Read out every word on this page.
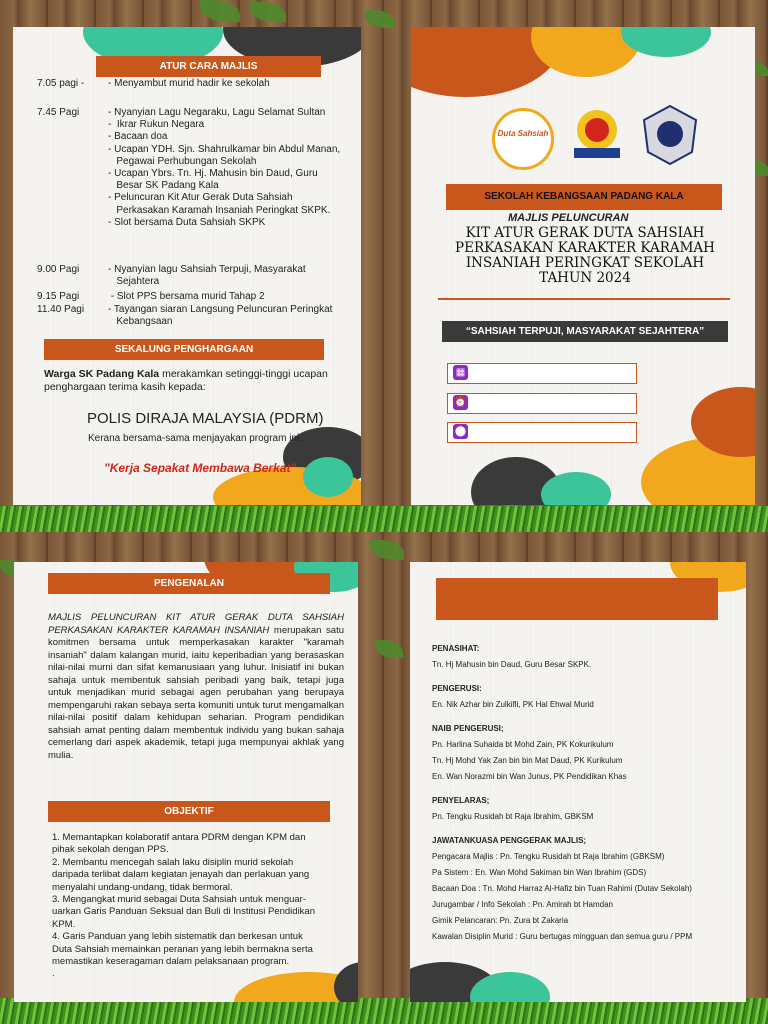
ATUR CARA MAJLIS
7.05 pagi - - Menyambut murid hadir ke sekolah
7.45 Pagi	- Nyanyian Lagu Negaraku, Lagu Selamat Sultan
-  Ikrar Rukun Negara
- Bacaan doa
- Ucapan YDH. Sjn. Shahrulkamar bin Abdul Manan,
Pegawai Perhubungan Sekolah
- Ucapan Ybrs. Tn. Hj. Mahusin bin Daud, Guru
Besar SK Padang Kala
- Peluncuran Kit Atur Gerak Duta Sahsiah
Perkasakan Karamah Insaniah Peringkat SKPK.
- Slot bersama Duta Sahsiah SKPK
9.00 Pagi	- Nyanyian lagu Sahsiah Terpuji, Masyarakat
Sejahtera
9.15 Pagi	- Slot PPS bersama murid Tahap 2
11.40 Pagi - Tayangan siaran Langsung Peluncuran Peringkat
Kebangsaan
SEKALUNG PENGHARGAAN
Warga SK Padang Kala merakamkan setinggi-tinggi ucapan
penghargaan terima kasih kepada:
POLIS DIRAJA MALAYSIA (PDRM)
Kerana bersama-sama menjayakan program ini.
"Kerja Sepakat Membawa Berkat"
Duta Sahsiah
SEKOLAH KEBANGSAAN PADANG KALA
MAJLIS PELUNCURAN
KIT ATUR GERAK DUTA SAHSIAH
PERKASAKAN KARAKTER KARAMAH
INSANIAH PERINGKAT SEKOLAH
TAHUN 2024
“SAHSIAH TERPUJI, MASYARAKAT SEJAHTERA”
▦
⏰
⬤
PENGENALAN
MAJLIS PELUNCURAN KIT ATUR GERAK DUTA SAHSIAH PERKASAKAN KARAKTER KARAMAH INSANIAH merupakan satu komitmen bersama untuk memperkasakan karakter "karamah insaniah" dalam kalangan murid, iaitu keperibadian yang berasaskan nilai-nilai murni dan sifat kemanusiaan yang luhur. Inisiatif ini bukan sahaja untuk membentuk sahsiah peribadi yang baik, tetapi juga untuk menjadikan murid sebagai agen perubahan yang berupaya mempengaruhi rakan sebaya serta komuniti untuk turut mengamalkan nilai-nilai positif dalam kehidupan seharian. Program pendidikan sahsiah amat penting dalam membentuk individu yang bukan sahaja cemerlang dari aspek akademik, tetapi juga mempunyai akhlak yang mulia.
OBJEKTIF
1. Memantapkan kolaboratif antara PDRM dengan KPM dan
pihak sekolah dengan PPS.
2. Membantu mencegah salah laku disiplin murid sekolah
daripada terlibat dalam kegiatan jenayah dan perlakuan yang
menyalahi undang-undang, tidak bermoral.
3. Mengangkat murid sebagai Duta Sahsiah untuk menguar-
uarkan Garis Panduan Seksual dan Buli di Institusi Pendidikan
KPM.
4. Garis Panduan yang lebih sistematik dan berkesan untuk
Duta Sahsiah memainkan peranan yang lebih bermakna serta
memastikan keseragaman dalam pelaksanaan program.
.
PENASIHAT:
Tn. Hj Mahusin bin Daud, Guru Besar SKPK.
PENGERUSI:
En. Nik Azhar bin Zulkifli, PK Hal Ehwal Murid
NAIB PENGERUSI;
Pn. Harlina Suhaida bt Mohd Zain, PK Kokurikulum
Tn. Hj Mohd Yak Zan bin bin Mat Daud, PK Kurikulum
En. Wan Norazmi bin Wan Junus, PK Pendidikan Khas
PENYELARAS;
Pn. Tengku Rusidah bt Raja Ibrahim, GBKSM
JAWATANKUASA PENGGERAK MAJLIS;
Pengacara Majlis : Pn. Tengku Rusidah bt Raja Ibrahim (GBKSM)
Pa Sistem : En. Wan Mohd Sakiman bin Wan Ibrahim (GDS)
Bacaan Doa : Tn. Mohd Harraz Al-Hafiz bin Tuan Rahimi (Dutav Sekolah)
Jurugambar / Info Sekolah : Pn. Amirah bt Hamdan
Gimik Pelancaran: Pn. Zura bt Zakaria
Kawalan Disiplin Murid : Guru bertugas mingguan dan semua guru / PPM
